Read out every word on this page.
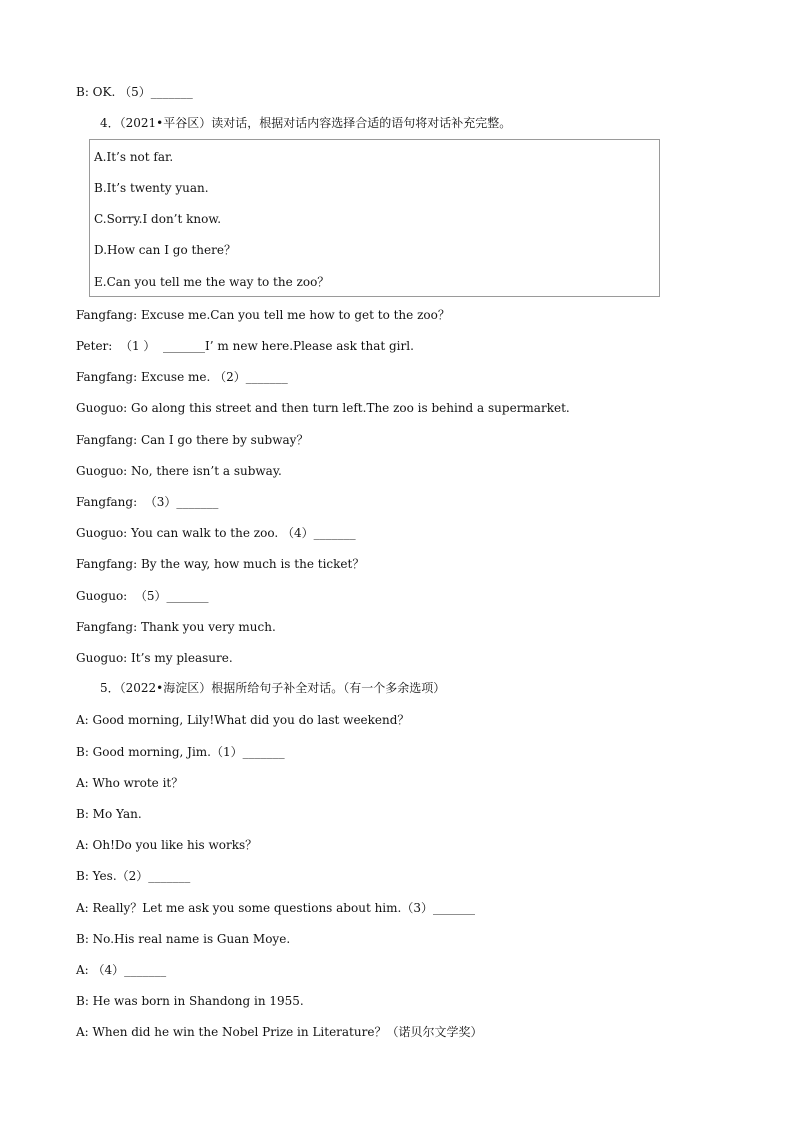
B: OK. （5）_______
4．（2021•平谷区）读对话，根据对话内容选择合适的语句将对话补充完整。
A.It’s not far.
B.It’s twenty yuan.
C.Sorry.I don’t know.
D.How can I go there？
E.Can you tell me the way to the zoo？
Fangfang: Excuse me.Can you tell me how to get to the zoo？
Peter:  （1 ）  _______I’ m new here.Please ask that girl.
Fangfang: Excuse me. （2）_______
Guoguo: Go along this street and then turn left.The zoo is behind a supermarket.
Fangfang: Can I go there by subway？
Guoguo: No, there isn’t a subway.
Fangfang:  （3）_______
Guoguo: You can walk to the zoo. （4）_______
Fangfang: By the way, how much is the ticket？
Guoguo:  （5）_______
Fangfang: Thank you very much.
Guoguo: It’s my pleasure.
5．（2022•海淀区）根据所给句子补全对话。（有一个多余选项）
A: Good morning, Lily!What did you do last weekend？
B: Good morning, Jim.（1）_______
A: Who wrote it？
B: Mo Yan.
A: Oh!Do you like his works？
B: Yes.（2）_______
A: Really？Let me ask you some questions about him.（3）_______
B: No.His real name is Guan Moye.
A: （4）_______
B: He was born in Shandong in 1955.
A: When did he win the Nobel Prize in Literature？（诺贝尔文学奖）
